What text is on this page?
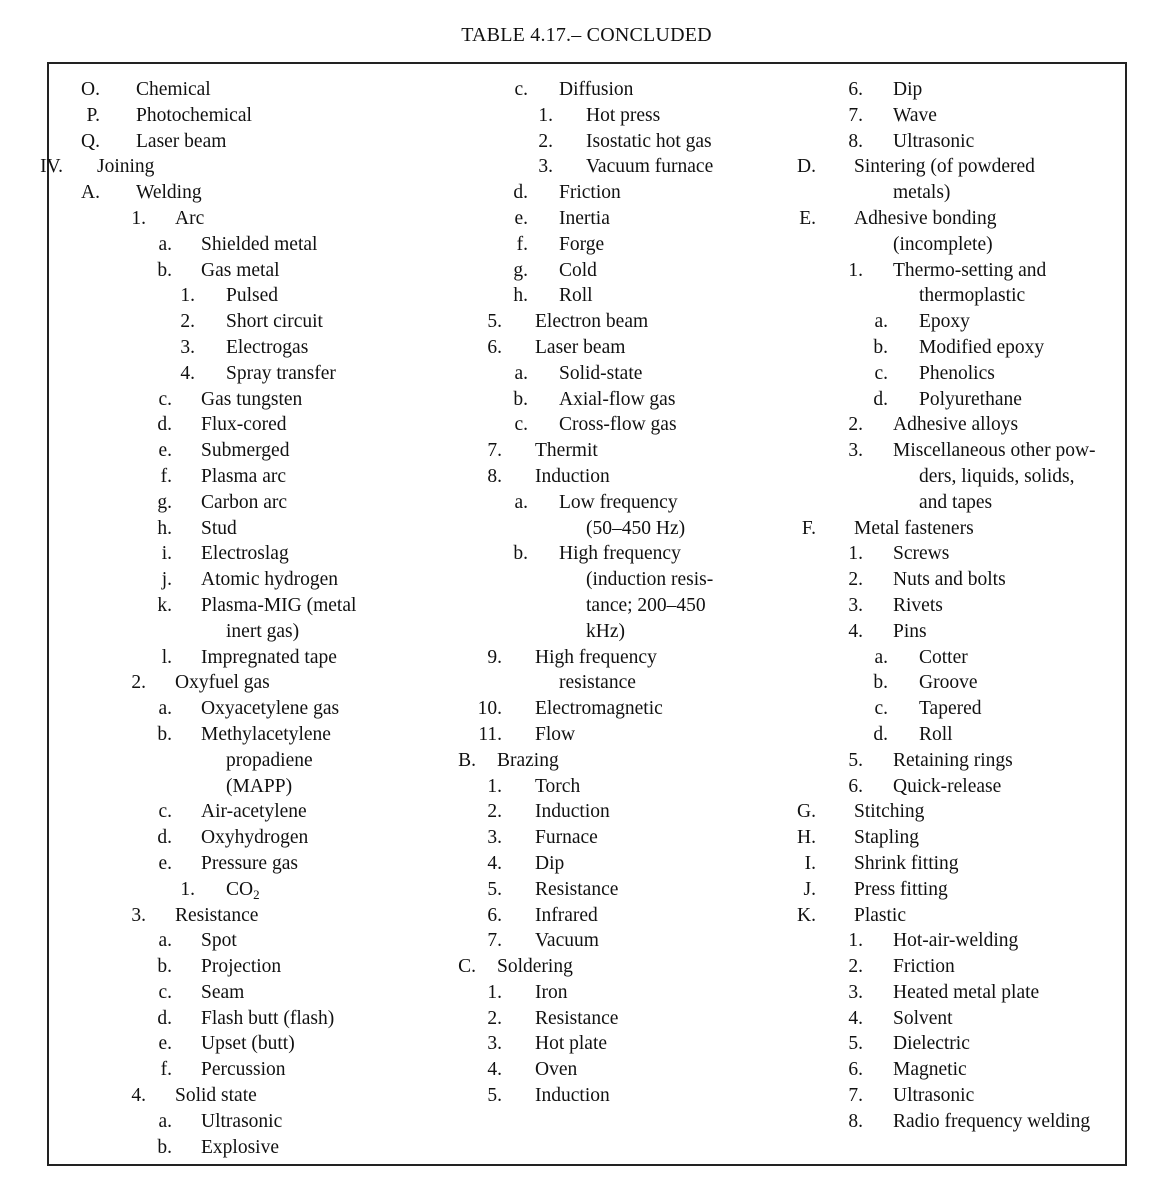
TABLE 4.17.– CONCLUDED
O. Chemical
P. Photochemical
Q. Laser beam
IV. Joining
A. Welding
1. Arc
a. Shielded metal
b. Gas metal
1. Pulsed
2. Short circuit
3. Electrogas
4. Spray transfer
c. Gas tungsten
d. Flux-cored
e. Submerged
f. Plasma arc
g. Carbon arc
h. Stud
i. Electroslag
j. Atomic hydrogen
k. Plasma-MIG (metal
inert gas)
l. Impregnated tape
2. Oxyfuel gas
a. Oxyacetylene gas
b. Methylacetylene
propadiene
(MAPP)
c. Air-acetylene
d. Oxyhydrogen
e. Pressure gas
1. $CO_2$
3. Resistance
a. Spot
b. Projection
c. Seam
d. Flash butt (flash)
e. Upset (butt)
f. Percussion
4. Solid state
a. Ultrasonic
b. Explosive
c. Diffusion
1. Hot press
2. Isostatic hot gas
3. Vacuum furnace
d. Friction
e. Inertia
f. Forge
g. Cold
h. Roll
5. Electron beam
6. Laser beam
a. Solid-state
b. Axial-flow gas
c. Cross-flow gas
7. Thermit
8. Induction
a. Low frequency
(50–450 Hz)
b. High frequency
(induction resis-
tance; 200–450
kHz)
9. High frequency
resistance
10. Electromagnetic
11. Flow
B. Brazing
1. Torch
2. Induction
3. Furnace
4. Dip
5. Resistance
6. Infrared
7. Vacuum
C. Soldering
1. Iron
2. Resistance
3. Hot plate
4. Oven
5. Induction
6. Dip
7. Wave
8. Ultrasonic
D. Sintering (of powdered
metals)
E. Adhesive bonding
(incomplete)
1. Thermo-setting and
thermoplastic
a. Epoxy
b. Modified epoxy
c. Phenolics
d. Polyurethane
2. Adhesive alloys
3. Miscellaneous other pow-
ders, liquids, solids,
and tapes
F. Metal fasteners
1. Screws
2. Nuts and bolts
3. Rivets
4. Pins
a. Cotter
b. Groove
c. Tapered
d. Roll
5. Retaining rings
6. Quick-release
G. Stitching
H. Stapling
I. Shrink fitting
J. Press fitting
K. Plastic
1. Hot-air-welding
2. Friction
3. Heated metal plate
4. Solvent
5. Dielectric
6. Magnetic
7. Ultrasonic
8. Radio frequency welding
